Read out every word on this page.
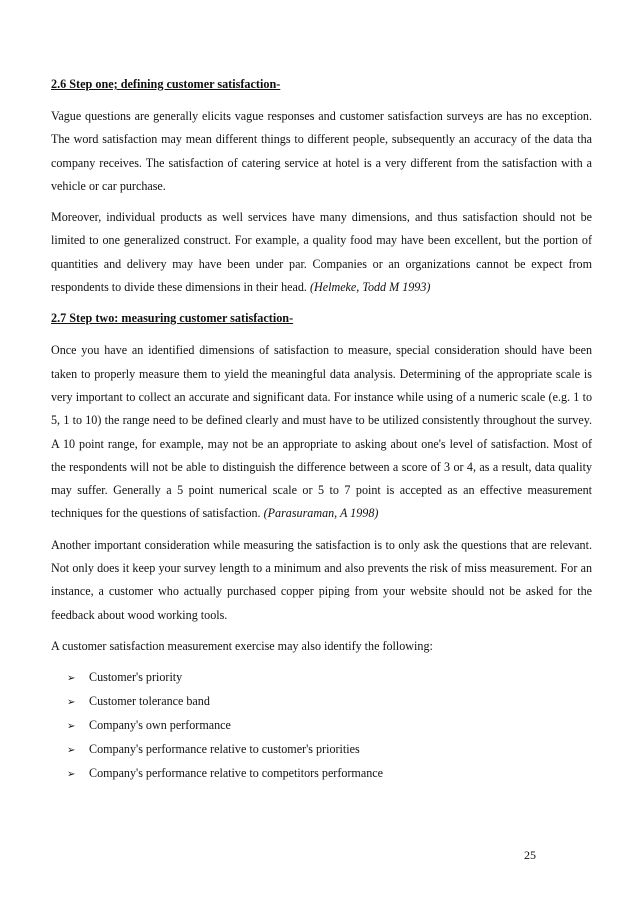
2.6 Step one; defining customer satisfaction-

Vague questions are generally elicits vague responses and customer satisfaction surveys are has no exception. The word satisfaction may mean different things to different people, subsequently an accuracy of the data tha company receives. The satisfaction of catering service at hotel is a very different from the satisfaction with a vehicle or car purchase.

Moreover, individual products as well services have many dimensions, and thus satisfaction should not be limited to one generalized construct. For example, a quality food may have been excellent, but the portion of quantities and delivery may have been under par. Companies or an organizations cannot be expect from respondents to divide these dimensions in their head. (Helmeke, Todd M 1993)

2.7 Step two: measuring customer satisfaction-

Once you have an identified dimensions of satisfaction to measure, special consideration should have been taken to properly measure them to yield the meaningful data analysis. Determining of the appropriate scale is very important to collect an accurate and significant data. For instance while using of a numeric scale (e.g. 1 to 5, 1 to 10) the range need to be defined clearly and must have to be utilized consistently throughout the survey. A 10 point range, for example, may not be an appropriate to asking about one's level of satisfaction. Most of the respondents will not be able to distinguish the difference between a score of 3 or 4, as a result, data quality may suffer. Generally a 5 point numerical scale or 5 to 7 point is accepted as an effective measurement techniques for the questions of satisfaction. (Parasuraman, A 1998)

Another important consideration while measuring the satisfaction is to only ask the questions that are relevant. Not only does it keep your survey length to a minimum and also prevents the risk of miss measurement. For an instance, a customer who actually purchased copper piping from your website should not be asked for the feedback about wood working tools.

A customer satisfaction measurement exercise may also identify the following:

➢	Customer's priority
➢	Customer tolerance band
➢	Company's own performance
➢	Company's performance relative to customer's priorities
➢	Company's performance relative to competitors performance
25
